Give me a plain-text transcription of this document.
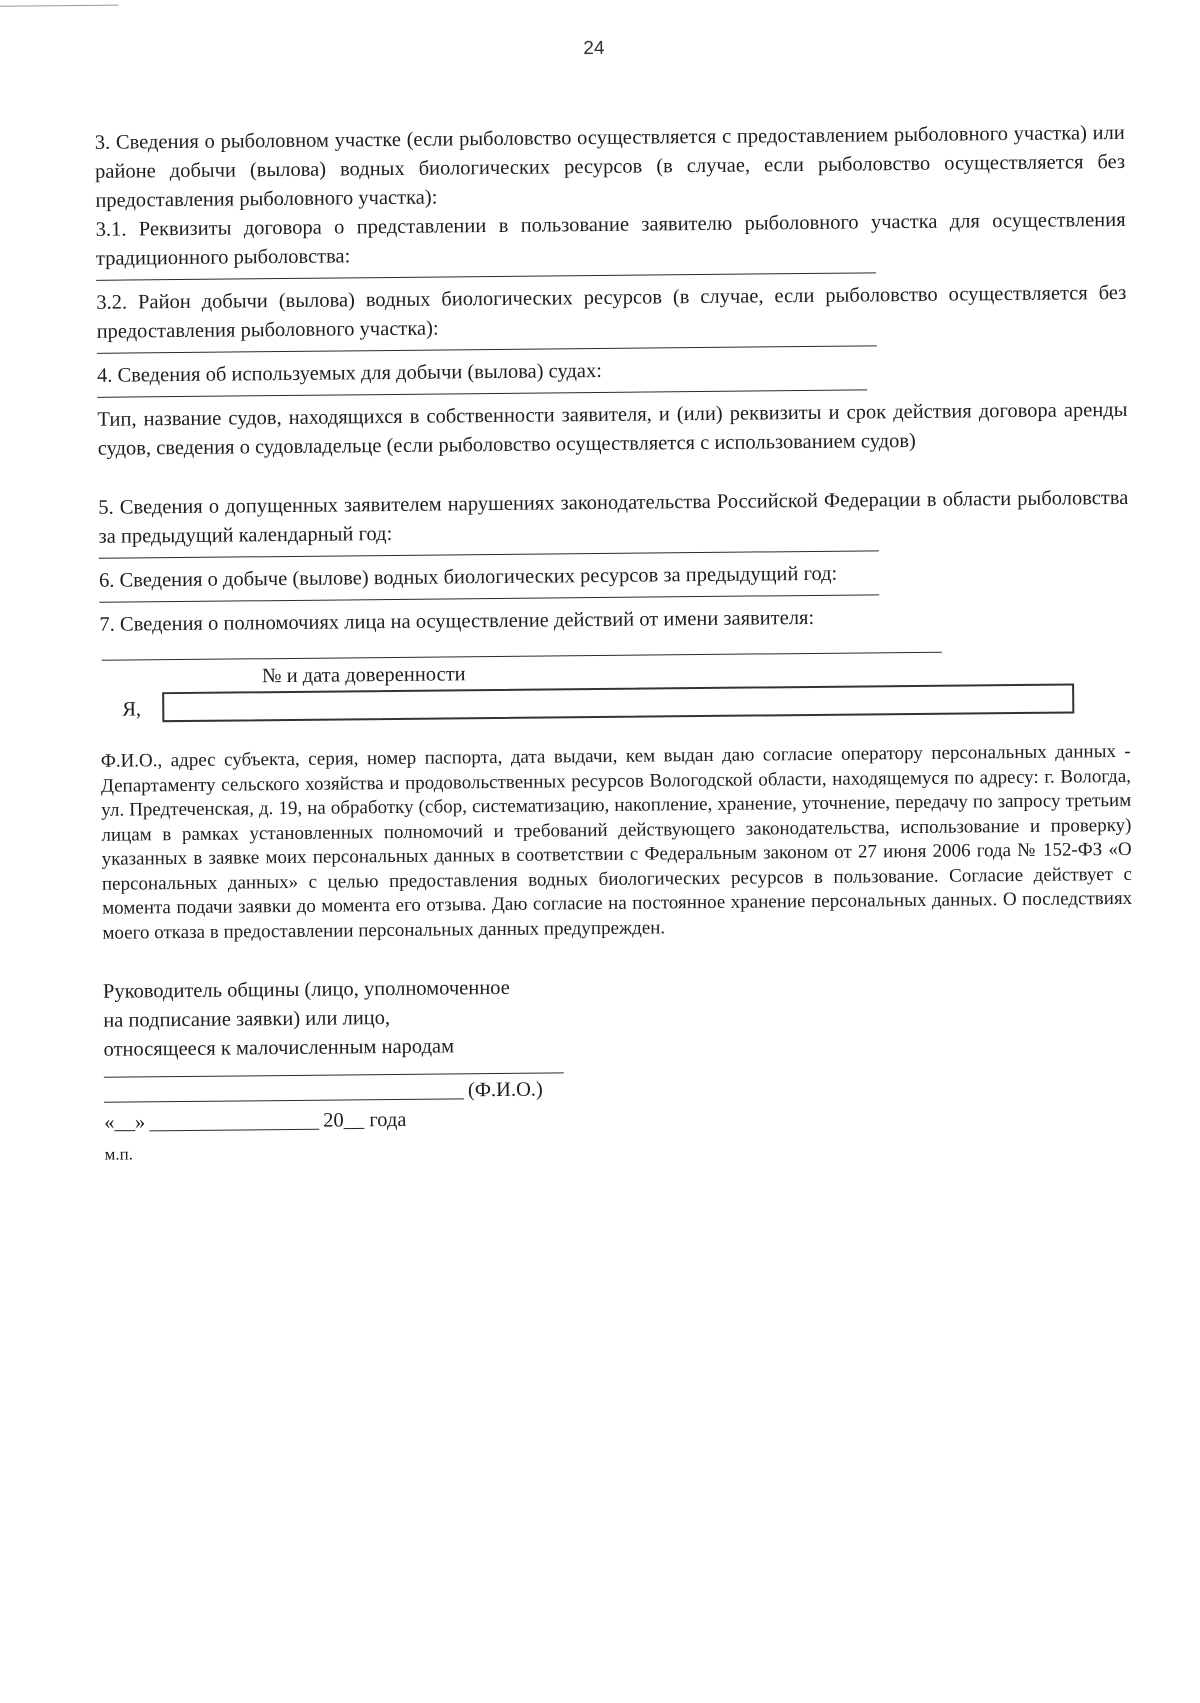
24

3. Сведения о рыболовном участке (если рыболовство осуществляется с предоставлением рыболовного участка) или районе добычи (вылова) водных биологических ресурсов (в случае, если рыболовство осуществляется без предоставления рыболовного участка):

3.1. Реквизиты договора о представлении в пользование заявителю рыболовного участка для осуществления традиционного рыболовства:

3.2. Район добычи (вылова) водных биологических ресурсов (в случае, если рыболовство осуществляется без предоставления рыболовного участка):

4. Сведения об используемых для добычи (вылова) судах:

Тип, название судов, находящихся в собственности заявителя, и (или) реквизиты и срок действия договора аренды судов, сведения о судовладельце (если рыболовство осуществляется с использованием судов)

5. Сведения о допущенных заявителем нарушениях законодательства Российской Федерации в области рыболовства за предыдущий календарный год:

6. Сведения о добыче (вылове) водных биологических ресурсов за предыдущий год:

7. Сведения о полномочиях лица на осуществление действий от имени заявителя:

№ и дата доверенности
Я,

Ф.И.О., адрес субъекта, серия, номер паспорта, дата выдачи, кем выдан даю согласие оператору персональных данных - Департаменту сельского хозяйства и продовольственных ресурсов Вологодской области, находящемуся по адресу: г. Вологда, ул. Предтеченская, д. 19, на обработку (сбор, систематизацию, накопление, хранение, уточнение, передачу по запросу третьим лицам в рамках установленных полномочий и требований действующего законодательства, использование и проверку) указанных в заявке моих персональных данных в соответствии с Федеральным законом от 27 июня 2006 года № 152-ФЗ «О персональных данных» с целью предоставления водных биологических ресурсов в пользование. Согласие действует с момента подачи заявки до момента его отзыва. Даю согласие на постоянное хранение персональных данных. О последствиях моего отказа в предоставлении персональных данных предупрежден.

Руководитель общины (лицо, уполномоченное
на подписание заявки) или лицо,
относящееся к малочисленным народам
(Ф.И.О.)
«__»	20__ года
м.п.
